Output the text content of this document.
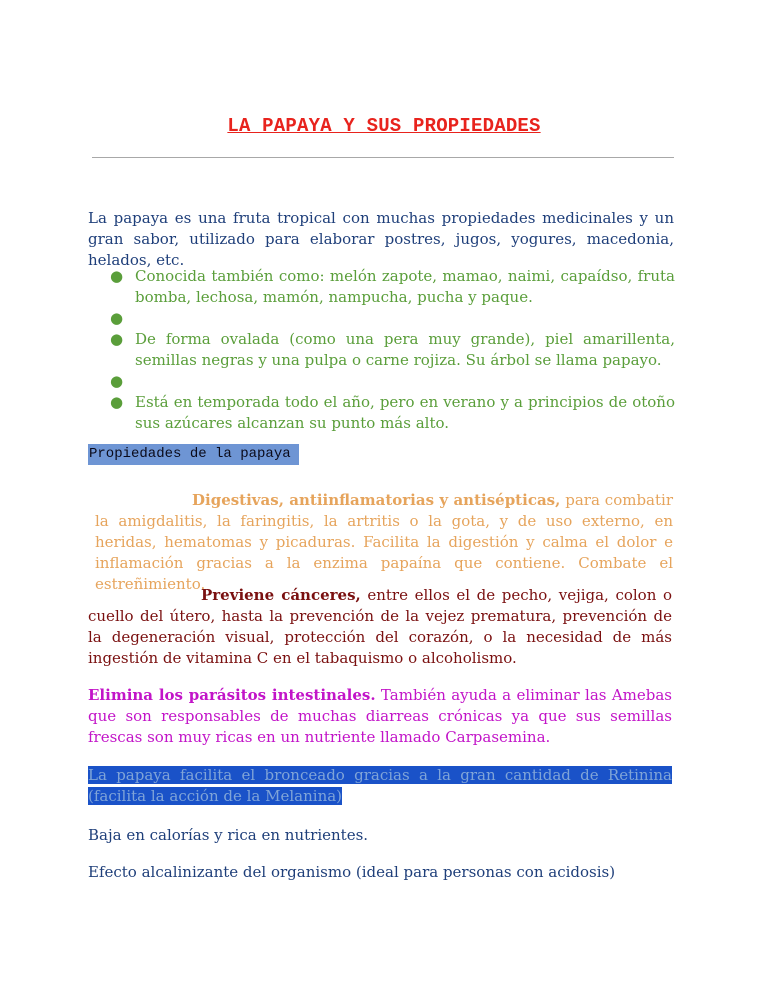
LA PAPAYA Y SUS PROPIEDADES
La papaya es una fruta tropical con muchas propiedades medicinales y un gran sabor, utilizado para elaborar postres, jugos, yogures, macedonia, helados, etc.
● Conocida también como: melón zapote, mamao, naimi, capaídso, fruta bomba, lechosa, mamón, nampucha, pucha y paque.
●
● De forma ovalada (como una pera muy grande), piel amarillenta, semillas negras y una pulpa o carne rojiza. Su árbol se llama papayo.
●
● Está en temporada todo el año, pero en verano y a principios de otoño sus azúcares alcanzan su punto más alto.
Propiedades de la papaya
Digestivas, antiinflamatorias y antisépticas, para combatir la amigdalitis, la faringitis, la artritis o la gota, y de uso externo, en heridas, hematomas y picaduras. Facilita la digestión y calma el dolor e inflamación gracias a la enzima papaína que contiene. Combate el estreñimiento.
Previene cánceres, entre ellos el de pecho, vejiga, colon o cuello del útero, hasta la prevención de la vejez prematura, prevención de la degeneración visual, protección del corazón, o la necesidad de más ingestión de vitamina C en el tabaquismo o alcoholismo.
Elimina los parásitos intestinales. También ayuda a eliminar las Amebas que son responsables de muchas diarreas crónicas ya que sus semillas frescas son muy ricas en un nutriente llamado Carpasemina.
La papaya facilita el bronceado gracias a la gran cantidad de Retinina (facilita la acción de la Melanina)
Baja en calorías y rica en nutrientes.
Efecto alcalinizante del organismo (ideal para personas con acidosis)
